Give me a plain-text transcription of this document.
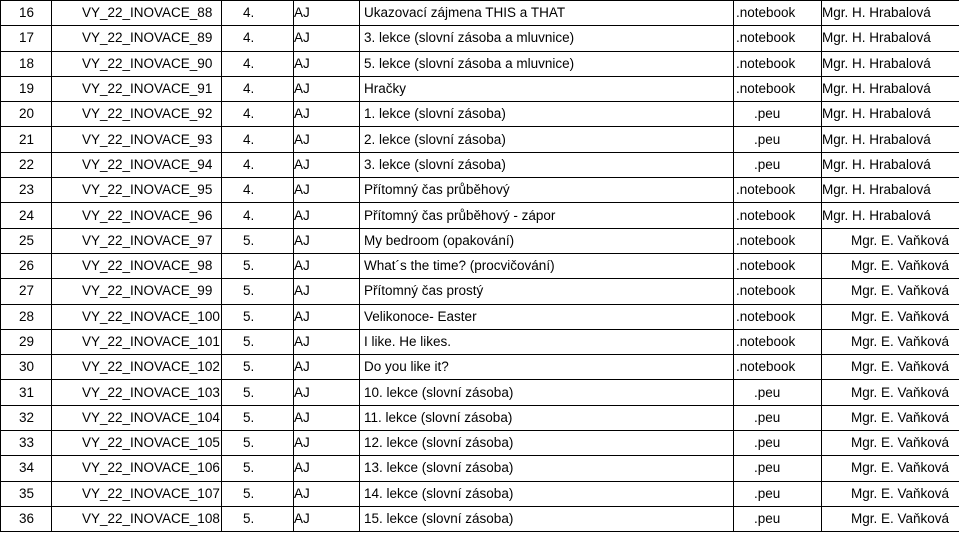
16	VY_22_INOVACE_88	4.	AJ	Ukazovací zájmena THIS a THAT	.notebook	Mgr. H. Hrabalová
17	VY_22_INOVACE_89	4.	AJ	3. lekce (slovní zásoba a mluvnice)	.notebook	Mgr. H. Hrabalová
18	VY_22_INOVACE_90	4.	AJ	5. lekce (slovní zásoba a mluvnice)	.notebook	Mgr. H. Hrabalová
19	VY_22_INOVACE_91	4.	AJ	Hračky	.notebook	Mgr. H. Hrabalová
20	VY_22_INOVACE_92	4.	AJ	1. lekce (slovní zásoba)	.peu	Mgr. H. Hrabalová
21	VY_22_INOVACE_93	4.	AJ	2. lekce (slovní zásoba)	.peu	Mgr. H. Hrabalová
22	VY_22_INOVACE_94	4.	AJ	3. lekce (slovní zásoba)	.peu	Mgr. H. Hrabalová
23	VY_22_INOVACE_95	4.	AJ	Přítomný čas průběhový	.notebook	Mgr. H. Hrabalová
24	VY_22_INOVACE_96	4.	AJ	Přítomný čas průběhový - zápor	.notebook	Mgr. H. Hrabalová
25	VY_22_INOVACE_97	5.	AJ	My bedroom (opakování)	.notebook	Mgr. E. Vaňková
26	VY_22_INOVACE_98	5.	AJ	What´s the time? (procvičování)	.notebook	Mgr. E. Vaňková
27	VY_22_INOVACE_99	5.	AJ	Přítomný čas prostý	.notebook	Mgr. E. Vaňková
28	VY_22_INOVACE_100	5.	AJ	Velikonoce- Easter	.notebook	Mgr. E. Vaňková
29	VY_22_INOVACE_101	5.	AJ	I like. He likes.	.notebook	Mgr. E. Vaňková
30	VY_22_INOVACE_102	5.	AJ	Do you like it?	.notebook	Mgr. E. Vaňková
31	VY_22_INOVACE_103	5.	AJ	10. lekce (slovní zásoba)	.peu	Mgr. E. Vaňková
32	VY_22_INOVACE_104	5.	AJ	11. lekce (slovní zásoba)	.peu	Mgr. E. Vaňková
33	VY_22_INOVACE_105	5.	AJ	12. lekce (slovní zásoba)	.peu	Mgr. E. Vaňková
34	VY_22_INOVACE_106	5.	AJ	13. lekce (slovní zásoba)	.peu	Mgr. E. Vaňková
35	VY_22_INOVACE_107	5.	AJ	14. lekce (slovní zásoba)	.peu	Mgr. E. Vaňková
36	VY_22_INOVACE_108	5.	AJ	15. lekce (slovní zásoba)	.peu	Mgr. E. Vaňková
